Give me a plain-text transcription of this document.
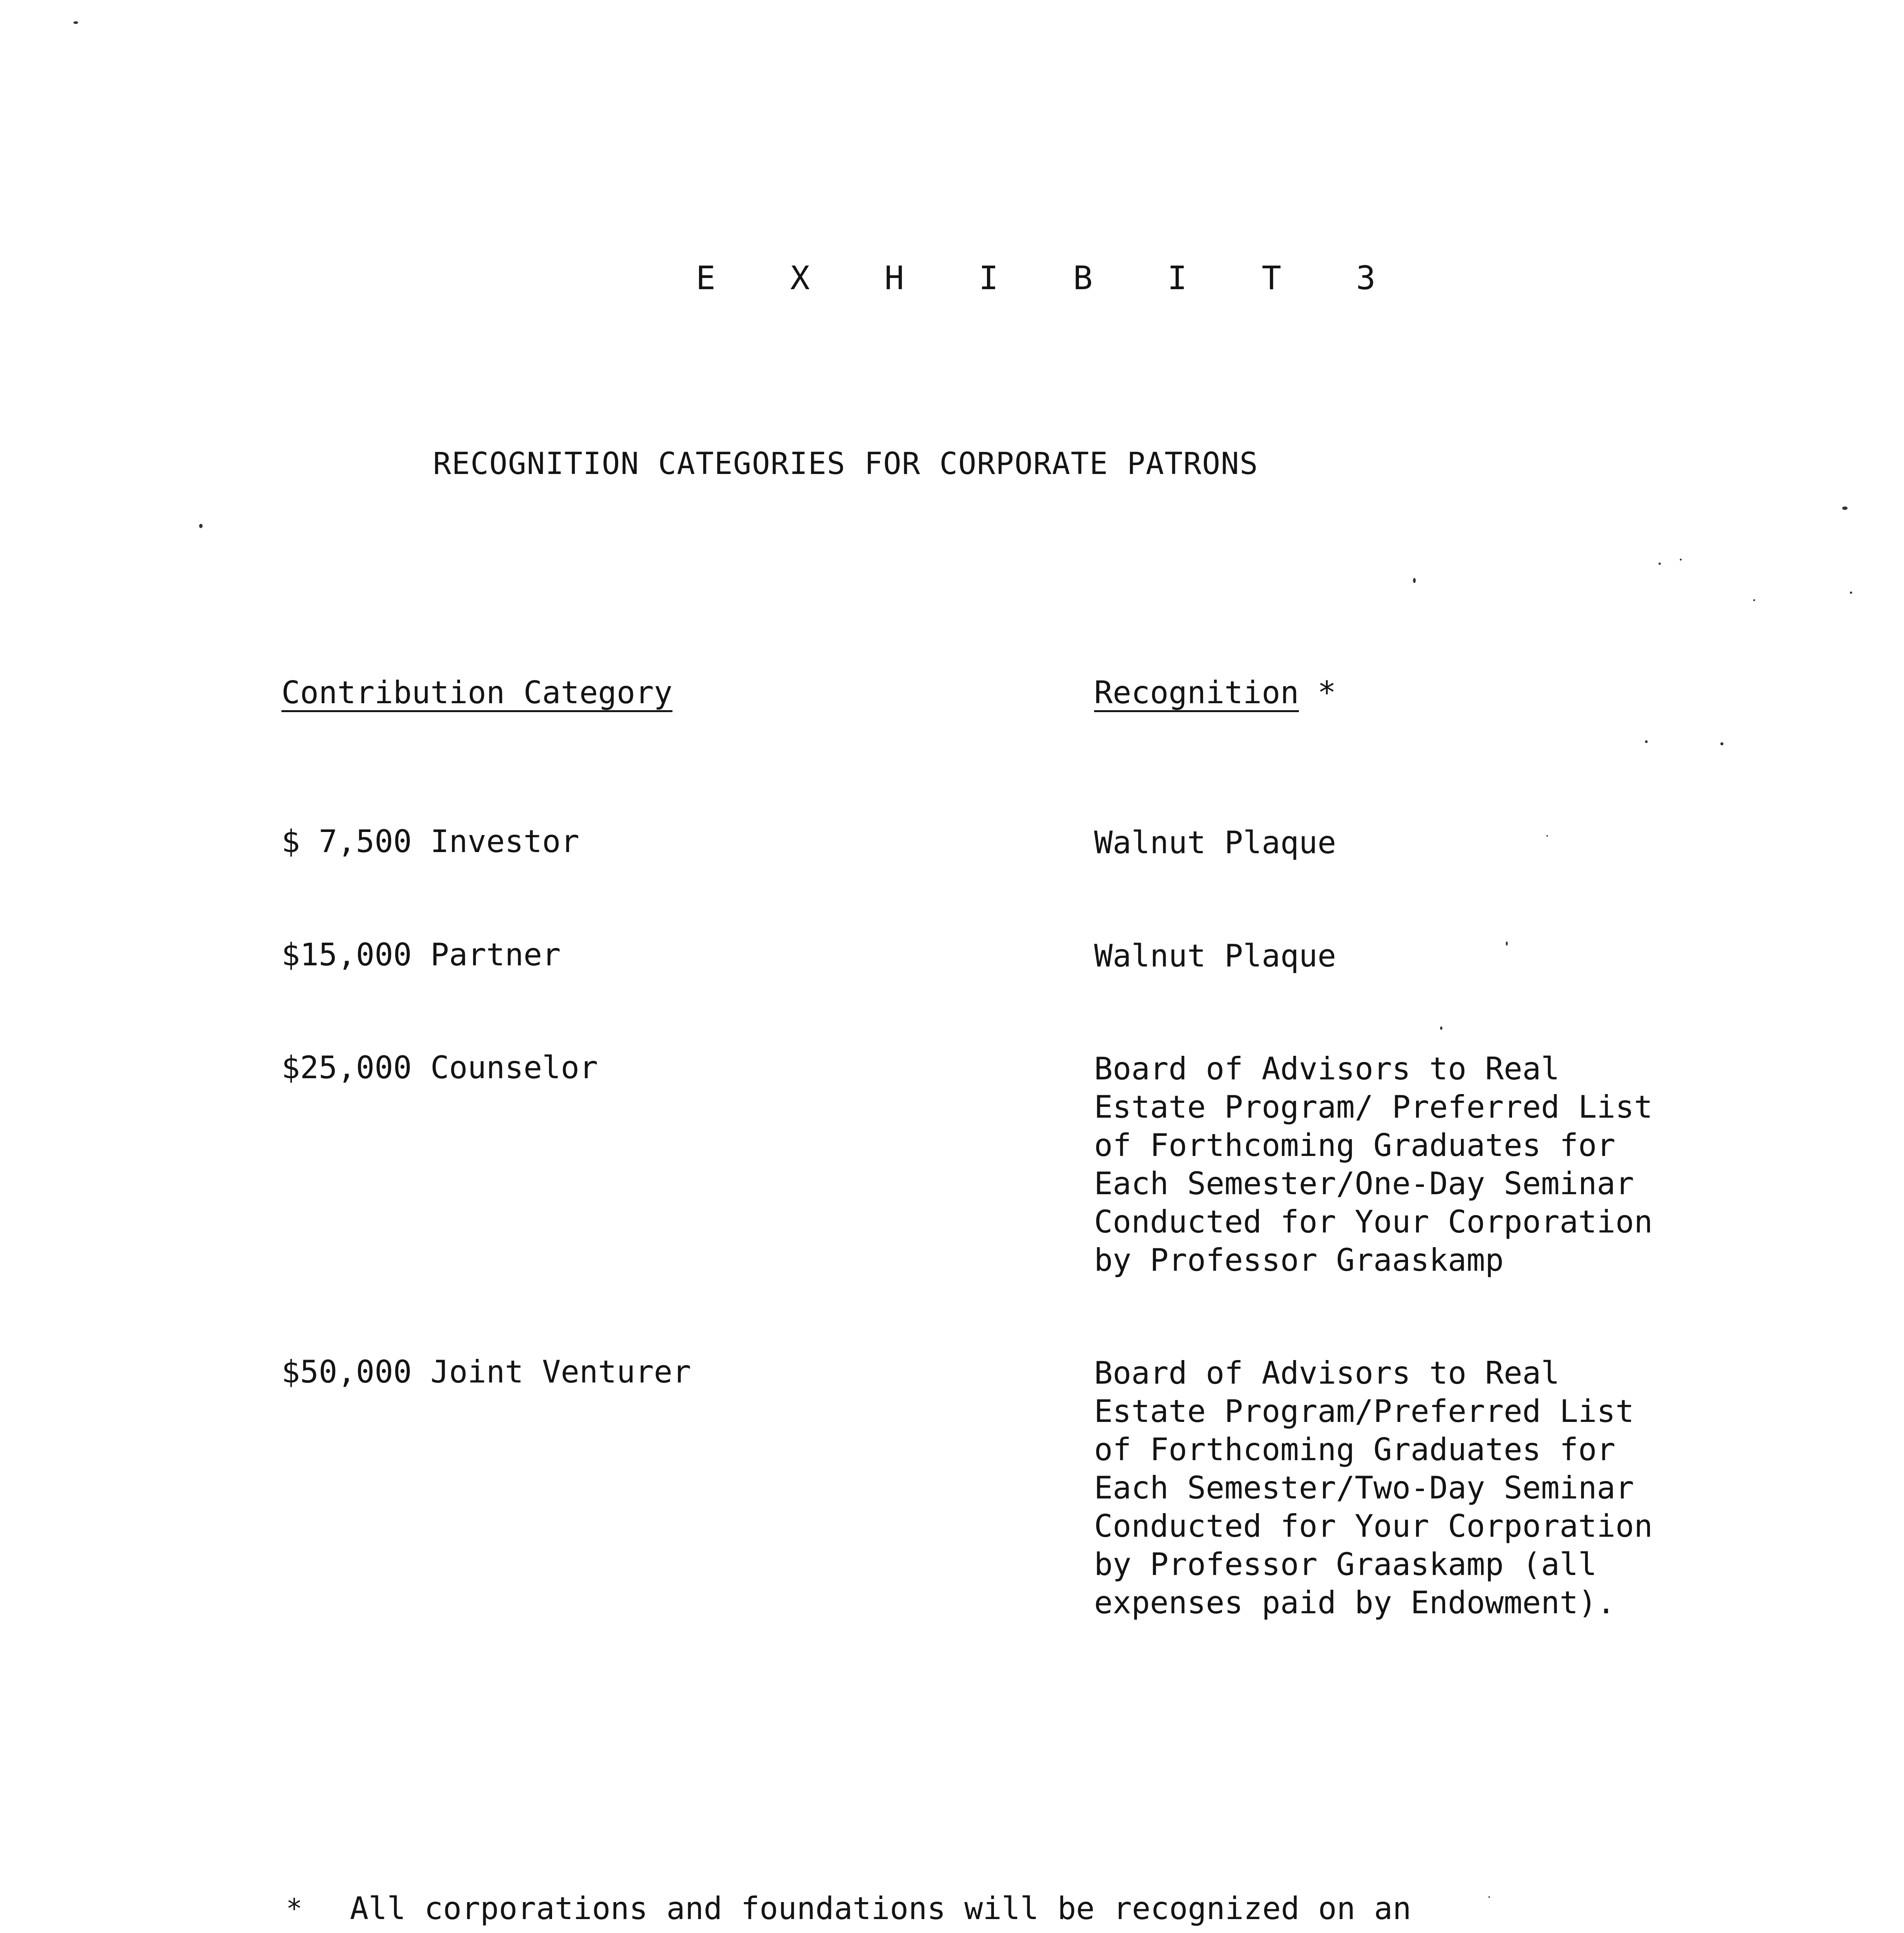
E X H I B I T 3
RECOGNITION CATEGORIES FOR CORPORATE PATRONS
Contribution Category	Recognition *
$ 7,500 Investor	Walnut Plaque
$15,000 Partner	Walnut Plaque
$25,000 Counselor	Board of Advisors to Real
Estate Program/ Preferred List
of Forthcoming Graduates for
Each Semester/One-Day Seminar
Conducted for Your Corporation
by Professor Graaskamp
$50,000 Joint Venturer	Board of Advisors to Real
Estate Program/Preferred List
of Forthcoming Graduates for
Each Semester/Two-Day Seminar
Conducted for Your Corporation
by Professor Graaskamp (all
expenses paid by Endowment).
* All corporations and foundations will be recognized on an
